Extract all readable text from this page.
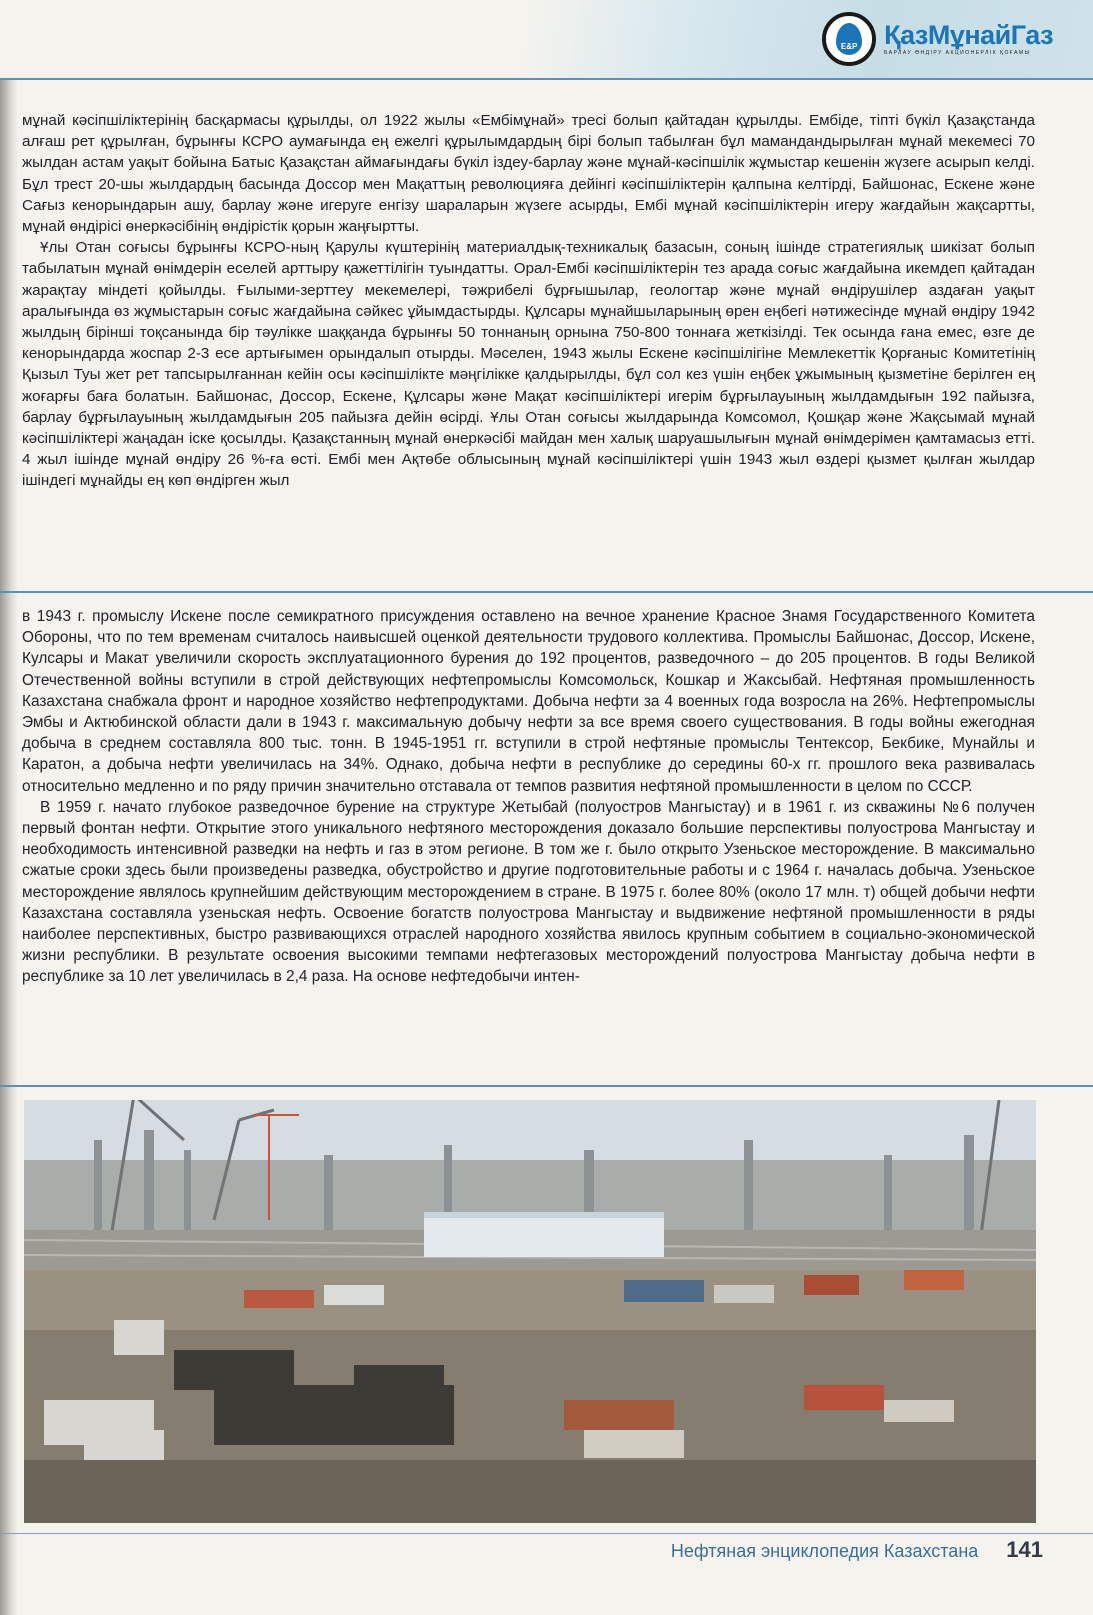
E&P ҚазМұнайГаз
БАРЛАУ ӨНДІРУ АКЦИОНЕРЛІК ҚОҒАМЫ

мұнай кәсіпшіліктерінің басқармасы құрылды, ол 1922 жылы «Ембімұнай» тресі болып қайтадан құрылды. Ембіде, тіпті бүкіл Қазақстанда алғаш рет құрылған, бұрынғы КСРО аумағында ең ежелгі құрылымдардың бірі болып табылған бұл мамандандырылған мұнай мекемесі 70 жылдан астам уақыт бойына Батыс Қазақстан аймағындағы бүкіл іздеу-барлау және мұнай-кәсіпшілік жұмыстар кешенін жүзеге асырып келді. Бұл трест 20-шы жылдардың басында Доссор мен Мақаттың революцияға дейінгі кәсіпшіліктерін қалпына келтірді, Байшонас, Ескене және Сағыз кенорындарын ашу, барлау және игеруге енгізу шараларын жүзеге асырды, Ембі мұнай кәсіпшіліктерін игеру жағдайын жақсартты, мұнай өндірісі өнеркәсібінің өндірістік қорын жаңғыртты.

Ұлы Отан соғысы бұрынғы КСРО-ның Қарулы күштерінің материалдық-техникалық базасын, соның ішінде стратегиялық шикізат болып табылатын мұнай өнімдерін еселей арттыру қажеттілігін туындатты. Орал-Ембі кәсіпшіліктерін тез арада соғыс жағдайына икемдеп қайтадан жарақтау міндеті қойылды. Ғылыми-зерттеу мекемелері, тәжрибелі бұрғышылар, геологтар және мұнай өндірушілер аздаған уақыт аралығында өз жұмыстарын соғыс жағдайына сәйкес ұйымдастырды. Құлсары мұнайшыларының өрен еңбегі нәтижесінде мұнай өндіру 1942 жылдың бірінші тоқсанында бір тәулікке шаққанда бұрынғы 50 тоннаның орнына 750-800 тоннаға жеткізілді. Тек осында ғана емес, өзге де кенорындарда жоспар 2-3 есе артығымен орындалып отырды. Мәселен, 1943 жылы Ескене кәсіпшілігіне Мемлекеттік Қорғаныс Комитетінің Қызыл Туы жет рет тапсырылғаннан кейін осы кәсіпшілікте мәңгілікке қалдырылды, бұл сол кез үшін еңбек ұжымының қызметіне берілген ең жоғарғы баға болатын. Байшонас, Доссор, Ескене, Құлсары және Мақат кәсіпшіліктері игерім бұрғылауының жылдамдығын 192 пайызға, барлау бұрғылауының жылдамдығын 205 пайызға дейін өсірді. Ұлы Отан соғысы жылдарында Комсомол, Қошқар және Жақсымай мұнай кәсіпшіліктері жаңадан іске қосылды. Қазақстанның мұнай өнеркәсібі майдан мен халық шаруашылығын мұнай өнімдерімен қамтамасыз етті. 4 жыл ішінде мұнай өндіру 26 %-ға өсті. Ембі мен Ақтөбе облысының мұнай кәсіпшіліктері үшін 1943 жыл өздері қызмет қылған жылдар ішіндегі мұнайды ең көп өндірген жыл

в 1943 г. промыслу Искене после семикратного присуждения оставлено на вечное хранение Красное Знамя Государственного Комитета Обороны, что по тем временам считалось наивысшей оценкой деятельности трудового коллектива. Промыслы Байшонас, Доссор, Искене, Кулсары и Макат увеличили скорость эксплуатационного бурения до 192 процентов, разведочного – до 205 процентов. В годы Великой Отечественной войны вступили в строй действующих нефтепромыслы Комсомольск, Кошкар и Жаксыбай. Нефтяная промышленность Казахстана снабжала фронт и народное хозяйство нефтепродуктами. Добыча нефти за 4 военных года возросла на 26%. Нефтепромыслы Эмбы и Актюбинской области дали в 1943 г. максимальную добычу нефти за все время своего существования. В годы войны ежегодная добыча в среднем составляла 800 тыс. тонн. В 1945-1951 гг. вступили в строй нефтяные промыслы Тентексор, Бекбике, Мунайлы и Каратон, а добыча нефти увеличилась на 34%. Однако, добыча нефти в республике до середины 60-х гг. прошлого века развивалась относительно медленно и по ряду причин значительно отставала от темпов развития нефтяной промышленности в целом по СССР.

В 1959 г. начато глубокое разведочное бурение на структуре Жетыбай (полуостров Мангыстау) и в 1961 г. из скважины №6 получен первый фонтан нефти. Открытие этого уникального нефтяного месторождения доказало большие перспективы полуострова Мангыстау и необходимость интенсивной разведки на нефть и газ в этом регионе. В том же г. было открыто Узеньское месторождение. В максимально сжатые сроки здесь были произведены разведка, обустройство и другие подготовительные работы и с 1964 г. началась добыча. Узеньское месторождение являлось крупнейшим действующим месторождением в стране. В 1975 г. более 80% (около 17 млн. т) общей добычи нефти Казахстана составляла узеньская нефть. Освоение богатств полуострова Мангыстау и выдвижение нефтяной промышленности в ряды наиболее перспективных, быстро развивающихся отраслей народного хозяйства явилось крупным событием в социально-экономической жизни республики. В результате освоения высокими темпами нефтегазовых месторождений полуострова Мангыстау добыча нефти в республике за 10 лет увеличилась в 2,4 раза. На основе нефтедобычи интен-

Нефтяная энциклопедия Казахстана 141
